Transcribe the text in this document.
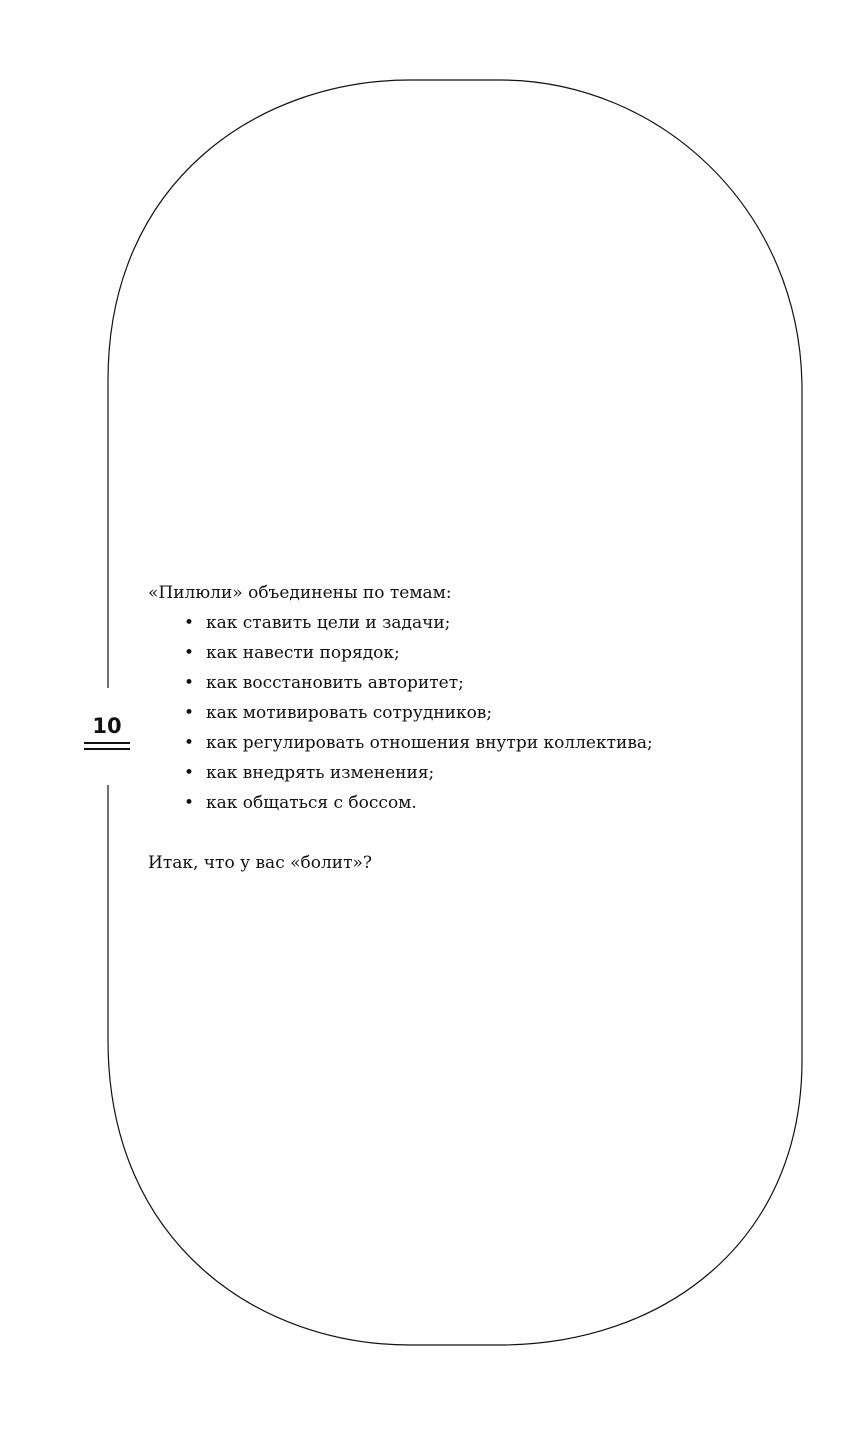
10

«Пилюли» объединены по темам:

• как ставить цели и задачи;
• как навести порядок;
• как восстановить авторитет;
• как мотивировать сотрудников;
• как регулировать отношения внутри коллектива;
• как внедрять изменения;
• как общаться с боссом.

Итак, что у вас «болит»?
